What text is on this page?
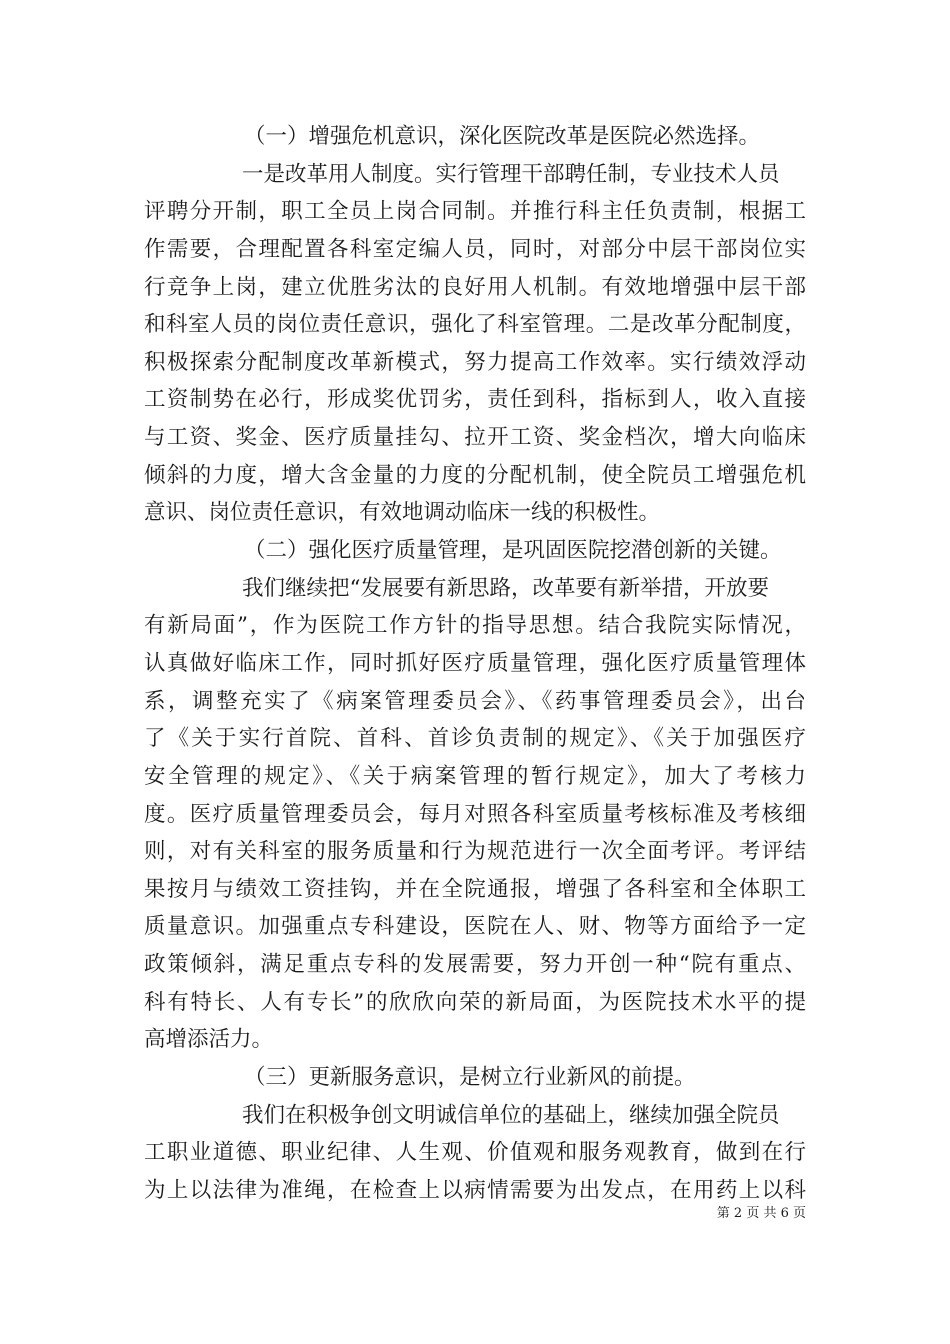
（一）增强危机意识，深化医院改革是医院必然选择。
一是改革用人制度。实行管理干部聘任制，专业技术人员
评聘分开制，职工全员上岗合同制。并推行科主任负责制，根据工
作需要，合理配置各科室定编人员，同时，对部分中层干部岗位实
行竞争上岗，建立优胜劣汰的良好用人机制。有效地增强中层干部
和科室人员的岗位责任意识，强化了科室管理。二是改革分配制度，
积极探索分配制度改革新模式，努力提高工作效率。实行绩效浮动
工资制势在必行，形成奖优罚劣，责任到科，指标到人，收入直接
与工资、奖金、医疗质量挂勾、拉开工资、奖金档次，增大向临床
倾斜的力度，增大含金量的力度的分配机制，使全院员工增强危机
意识、岗位责任意识，有效地调动临床一线的积极性。
（二）强化医疗质量管理，是巩固医院挖潜创新的关键。
我们继续把“发展要有新思路，改革要有新举措，开放要
有新局面”，作为医院工作方针的指导思想。结合我院实际情况，
认真做好临床工作，同时抓好医疗质量管理，强化医疗质量管理体
系，调整充实了《病案管理委员会》、《药事管理委员会》，出台
了《关于实行首院、首科、首诊负责制的规定》、《关于加强医疗
安全管理的规定》、《关于病案管理的暂行规定》，加大了考核力
度。医疗质量管理委员会，每月对照各科室质量考核标准及考核细
则，对有关科室的服务质量和行为规范进行一次全面考评。考评结
果按月与绩效工资挂钩，并在全院通报，增强了各科室和全体职工
质量意识。加强重点专科建设，医院在人、财、物等方面给予一定
政策倾斜，满足重点专科的发展需要，努力开创一种“院有重点、
科有特长、人有专长”的欣欣向荣的新局面，为医院技术水平的提
高增添活力。
（三）更新服务意识，是树立行业新风的前提。
我们在积极争创文明诚信单位的基础上，继续加强全院员
工职业道德、职业纪律、人生观、价值观和服务观教育，做到在行
为上以法律为准绳，在检查上以病情需要为出发点，在用药上以科
第 2 页 共 6 页
